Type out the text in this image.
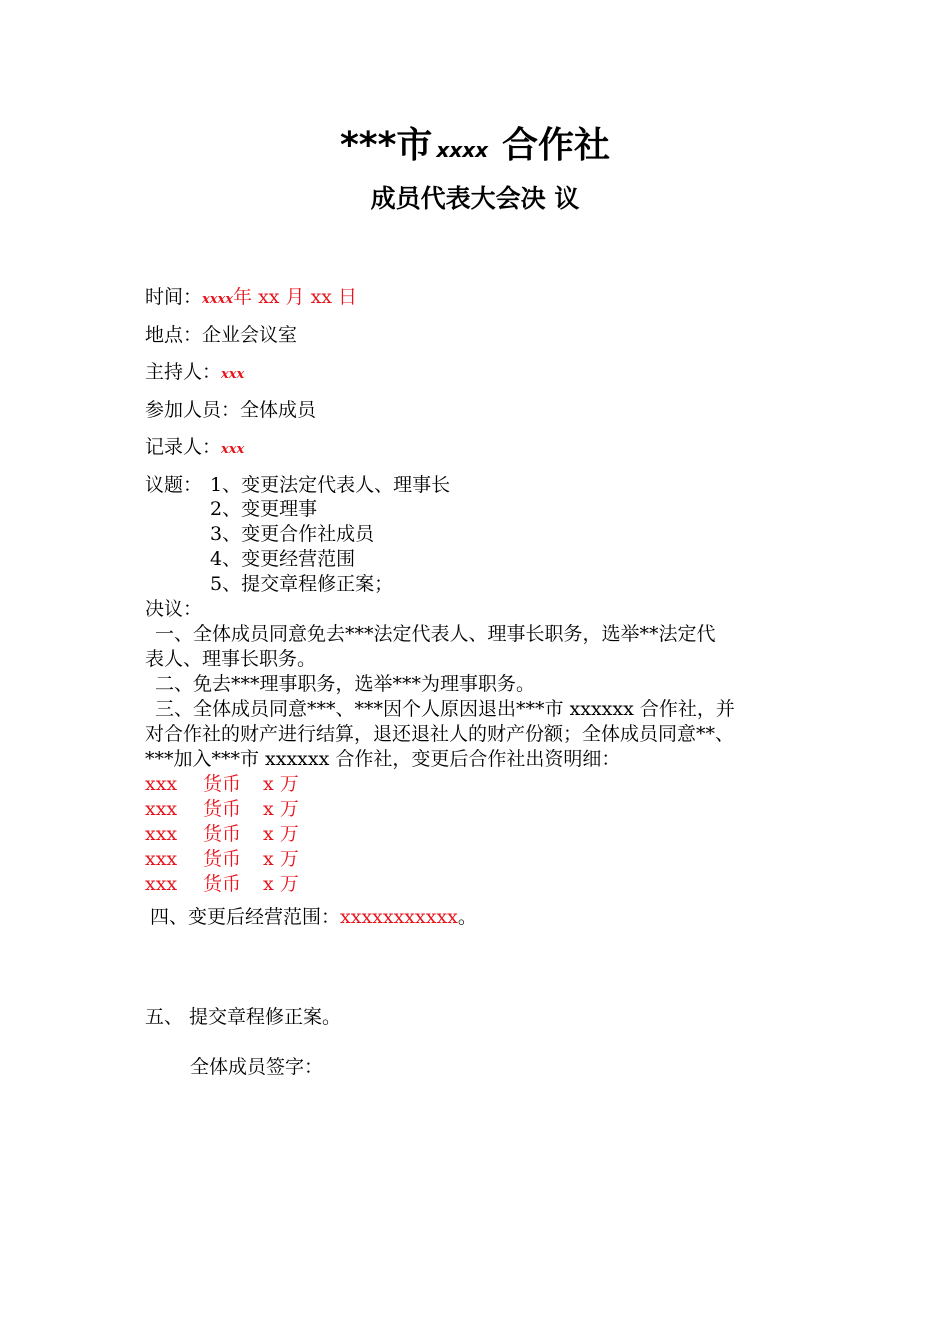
***市 xxxx 合作社
成员代表大会决 议
时间：xxxx年 xx 月 xx 日
地点：企业会议室
主持人：xxx
参加人员：全体成员
记录人：xxx
议题： 1、变更法定代表人、理事长
2、变更理事
3、变更合作社成员
4、变更经营范围
5、提交章程修正案；
决议：
一、全体成员同意免去***法定代表人、理事长职务，选举**法定代
表人、理事长职务。
二、免去***理事职务，选举***为理事职务。
三、全体成员同意***、***因个人原因退出***市 xxxxxx 合作社，并
对合作社的财产进行结算，退还退社人的财产份额；全体成员同意**、
***加入***市 xxxxxx 合作社，变更后合作社出资明细：
xxx 货币 x 万
xxx 货币 x 万
xxx 货币 x 万
xxx 货币 x 万
xxx 货币 x 万
四、变更后经营范围：xxxxxxxxxxx。
五、 提交章程修正案。
全体成员签字：
